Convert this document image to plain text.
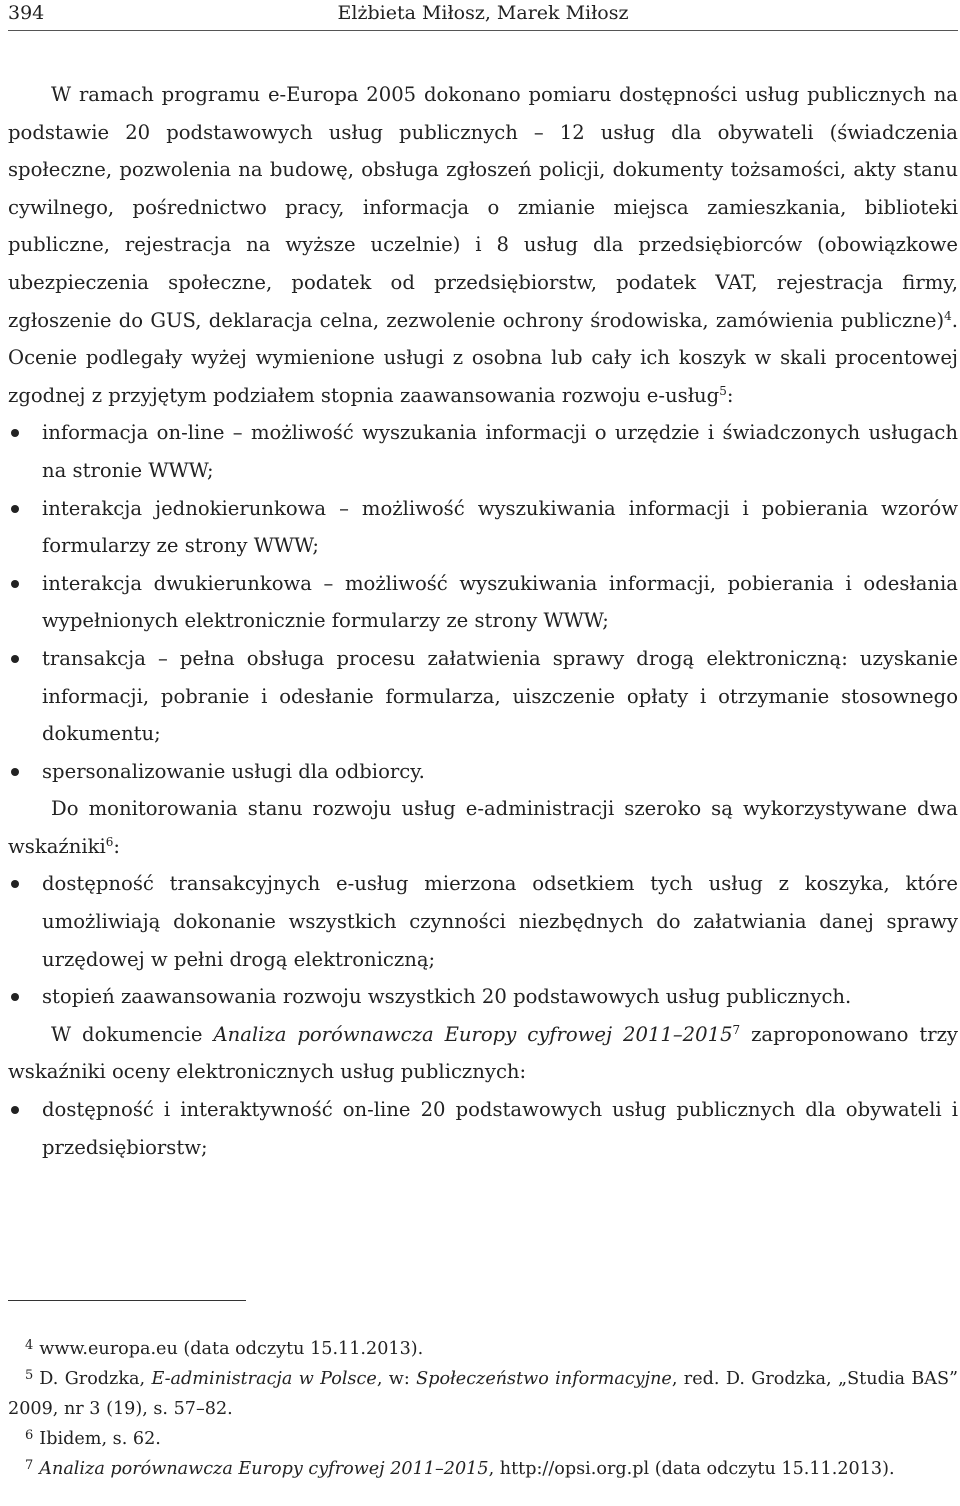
394	Elżbieta Miłosz, Marek Miłosz

W ramach programu e-Europa 2005 dokonano pomiaru dostępności usług publicznych na podstawie 20 podstawowych usług publicznych – 12 usług dla obywateli (świadczenia społeczne, pozwolenia na budowę, obsługa zgłoszeń policji, dokumenty tożsamości, akty stanu cywilnego, pośrednictwo pracy, informacja o zmianie miejsca zamieszkania, biblioteki publiczne, rejestracja na wyższe uczelnie) i 8 usług dla przedsiębiorców (obowiązkowe ubezpieczenia społeczne, podatek od przedsiębiorstw, podatek VAT, rejestracja firmy, zgłoszenie do GUS, deklaracja celna, zezwolenie ochrony środowiska, zamówienia publiczne)$^4$. Ocenie podlegały wyżej wymienione usługi z osobna lub cały ich koszyk w skali procentowej zgodnej z przyjętym podziałem stopnia zaawansowania rozwoju e-usług$^5$:

informacja on-line – możliwość wyszukania informacji o urzędzie i świadczonych usługach na stronie WWW;
interakcja jednokierunkowa – możliwość wyszukiwania informacji i pobierania wzorów formularzy ze strony WWW;
interakcja dwukierunkowa – możliwość wyszukiwania informacji, pobierania i odesłania wypełnionych elektronicznie formularzy ze strony WWW;
transakcja – pełna obsługa procesu załatwienia sprawy drogą elektroniczną: uzyskanie informacji, pobranie i odesłanie formularza, uiszczenie opłaty i otrzymanie stosownego dokumentu;
spersonalizowanie usługi dla odbiorcy.

Do monitorowania stanu rozwoju usług e-administracji szeroko są wykorzystywane dwa wskaźniki$^6$:

dostępność transakcyjnych e-usług mierzona odsetkiem tych usług z koszyka, które umożliwiają dokonanie wszystkich czynności niezbędnych do załatwiania danej sprawy urzędowej w pełni drogą elektroniczną;
stopień zaawansowania rozwoju wszystkich 20 podstawowych usług publicznych.

W dokumencie Analiza porównawcza Europy cyfrowej 2011–2015$^7$ zaproponowano trzy wskaźniki oceny elektronicznych usług publicznych:

dostępność i interaktywność on-line 20 podstawowych usług publicznych dla obywateli i przedsiębiorstw;

$^4$ www.europa.eu (data odczytu 15.11.2013).

$^5$ D. Grodzka, E-administracja w Polsce, w: Społeczeństwo informacyjne, red. D. Grodzka, „Studia BAS” 2009, nr 3 (19), s. 57–82.

$^6$ Ibidem, s. 62.

$^7$ Analiza porównawcza Europy cyfrowej 2011–2015, http://opsi.org.pl (data odczytu 15.11.2013).
